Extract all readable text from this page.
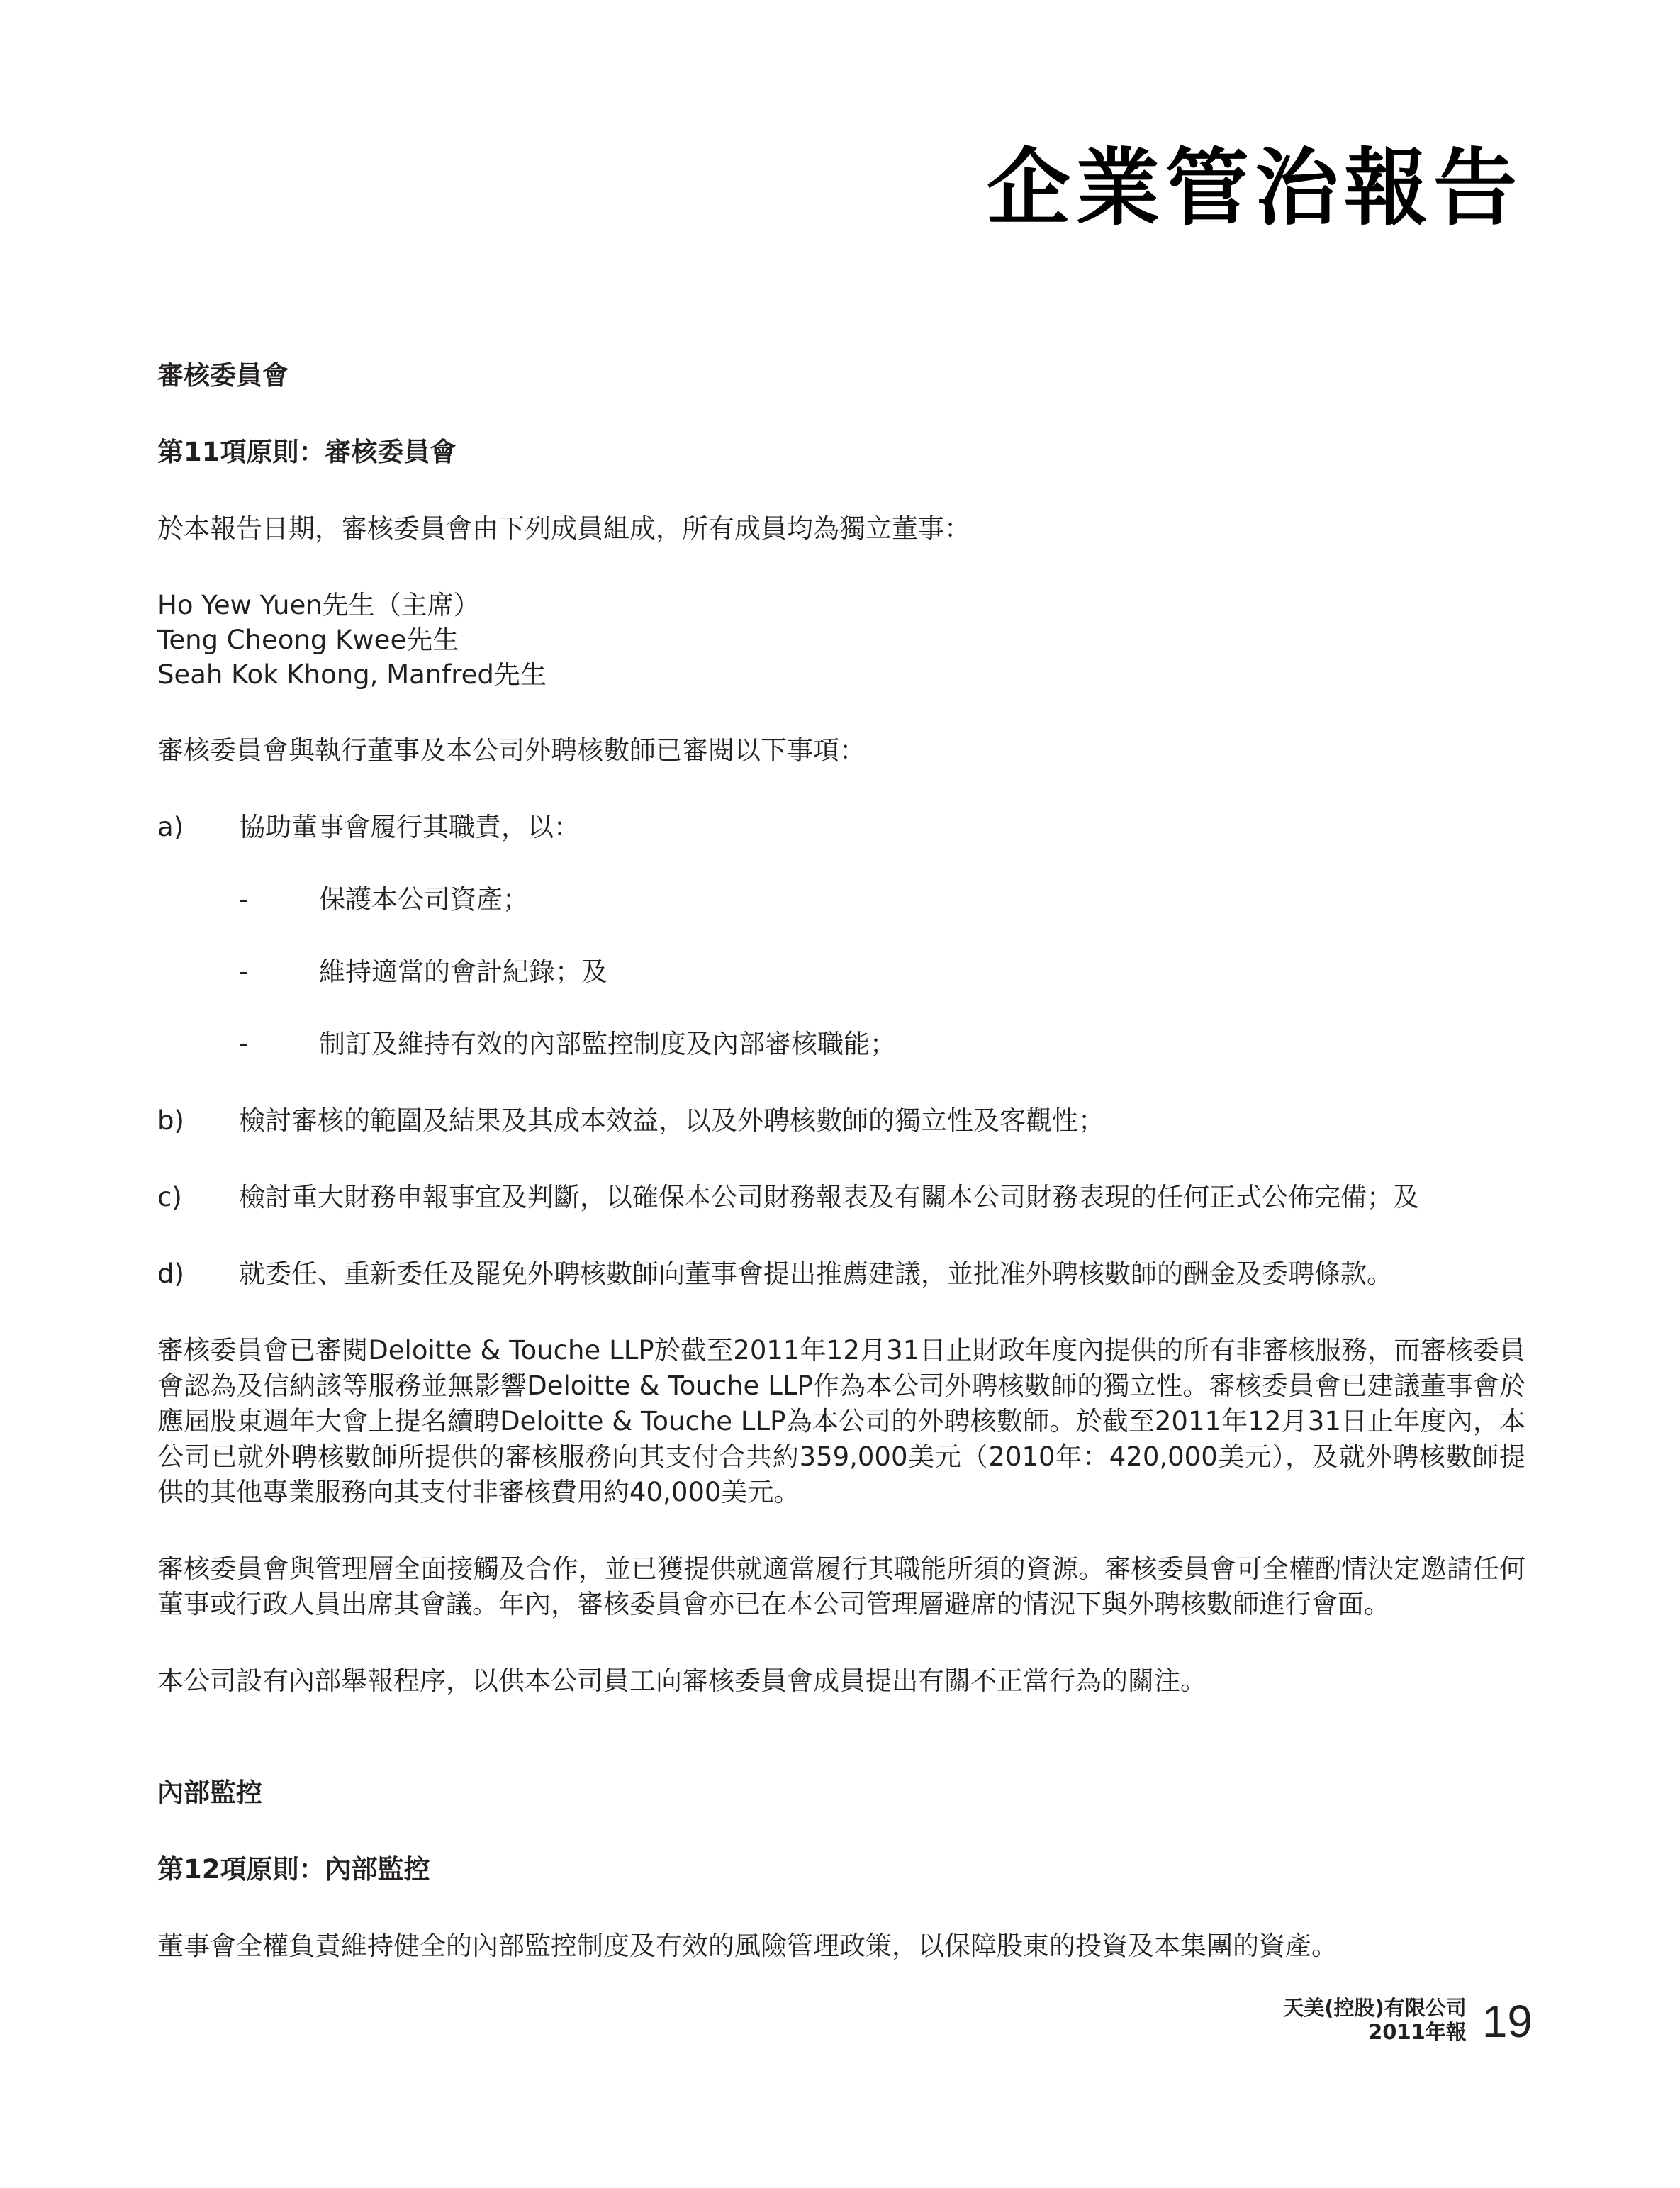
企業管治報告

審核委員會

第11項原則：審核委員會

於本報告日期，審核委員會由下列成員組成，所有成員均為獨立董事：

Ho Yew Yuen先生（主席）
Teng Cheong Kwee先生
Seah Kok Khong, Manfred先生

審核委員會與執行董事及本公司外聘核數師已審閱以下事項：

a)	協助董事會履行其職責，以：
-	保護本公司資產；
-	維持適當的會計紀錄；及
-	制訂及維持有效的內部監控制度及內部審核職能；
b)	檢討審核的範圍及結果及其成本效益，以及外聘核數師的獨立性及客觀性；
c)	檢討重大財務申報事宜及判斷，以確保本公司財務報表及有關本公司財務表現的任何正式公佈完備；及
d)	就委任、重新委任及罷免外聘核數師向董事會提出推薦建議，並批准外聘核數師的酬金及委聘條款。

審核委員會已審閱Deloitte & Touche LLP於截至2011年12月31日止財政年度內提供的所有非審核服務，而審核委員會認為及信納該等服務並無影響Deloitte & Touche LLP作為本公司外聘核數師的獨立性。審核委員會已建議董事會於應屆股東週年大會上提名續聘Deloitte & Touche LLP為本公司的外聘核數師。於截至2011年12月31日止年度內，本公司已就外聘核數師所提供的審核服務向其支付合共約359,000美元（2010年：420,000美元），及就外聘核數師提供的其他專業服務向其支付非審核費用約40,000美元。

審核委員會與管理層全面接觸及合作，並已獲提供就適當履行其職能所須的資源。審核委員會可全權酌情決定邀請任何董事或行政人員出席其會議。年內，審核委員會亦已在本公司管理層避席的情況下與外聘核數師進行會面。

本公司設有內部舉報程序，以供本公司員工向審核委員會成員提出有關不正當行為的關注。

內部監控

第12項原則：內部監控

董事會全權負責維持健全的內部監控制度及有效的風險管理政策，以保障股東的投資及本集團的資產。

天美(控股)有限公司
2011年報 19
